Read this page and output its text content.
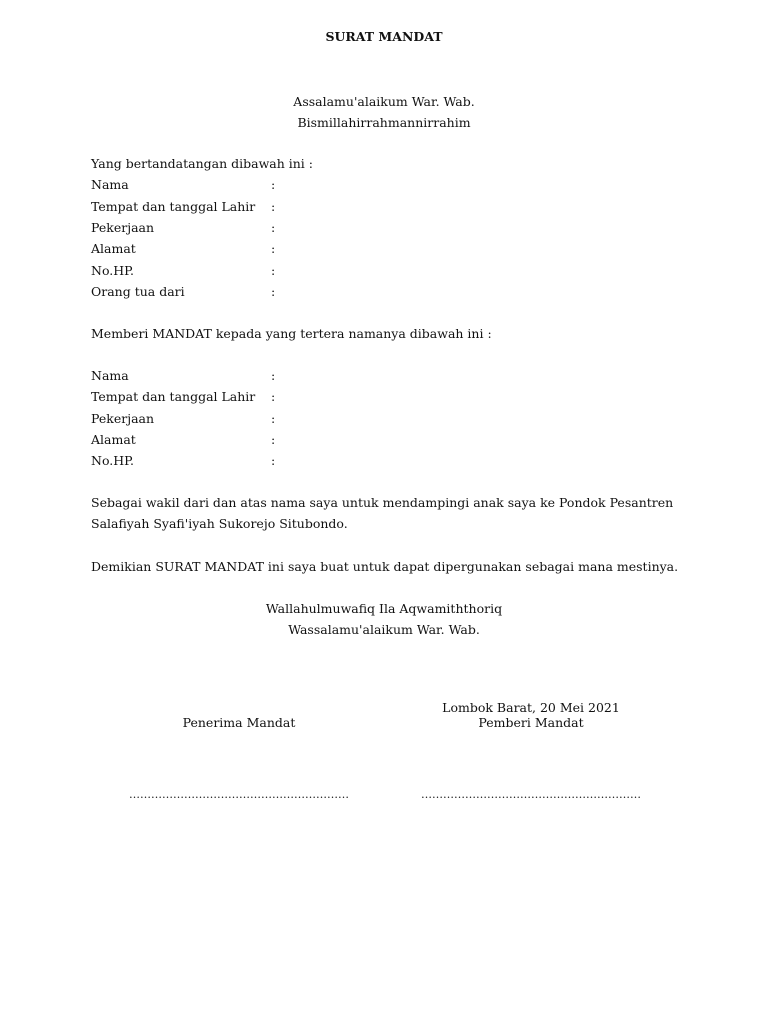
SURAT MANDAT
Assalamu'alaikum War. Wab.
Bismillahirrahmannirrahim
Yang bertandatangan dibawah ini :
Nama	:
Tempat dan tanggal Lahir :
Pekerjaan	:
Alamat	:
No.HP.	:
Orang tua dari	:
Memberi MANDAT kepada yang tertera namanya dibawah ini :
Nama	:
Tempat dan tanggal Lahir :
Pekerjaan	:
Alamat	:
No.HP.	:
Sebagai wakil dari dan atas nama saya untuk mendampingi anak saya ke Pondok Pesantren
Salafiyah Syafi'iyah Sukorejo Situbondo.
Demikian SURAT MANDAT ini saya buat untuk dapat dipergunakan sebagai mana mestinya.
Wallahulmuwafiq Ila Aqwamiththoriq
Wassalamu'alaikum War. Wab.
Lombok Barat, 20 Mei 2021
Penerima Mandat	Pemberi Mandat
……………………………………………………	……………………………………………………
